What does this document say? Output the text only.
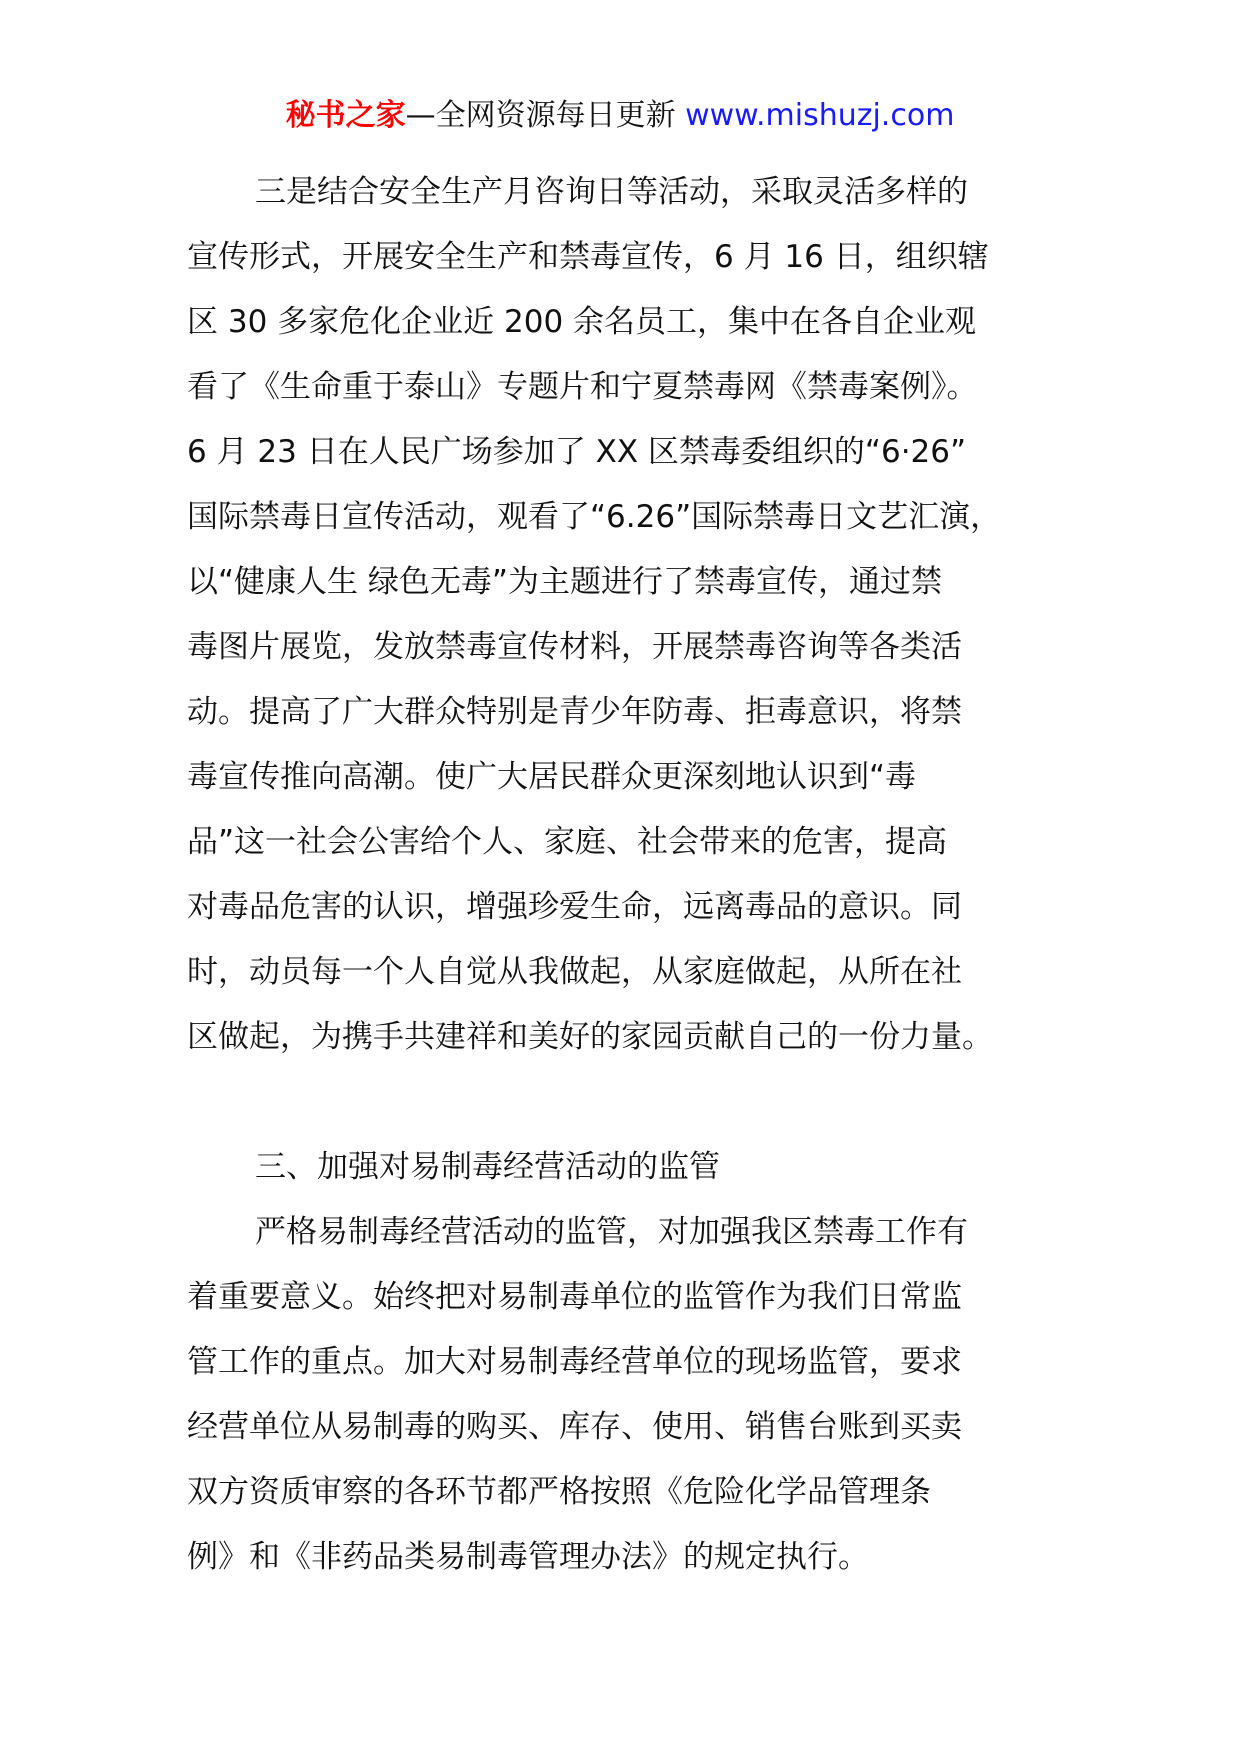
秘书之家—全网资源每日更新 www.mishuzj.com
三是结合安全生产月咨询日等活动，采取灵活多样的
宣传形式，开展安全生产和禁毒宣传，6 月 16 日，组织辖
区 30 多家危化企业近 200 余名员工，集中在各自企业观
看了《生命重于泰山》专题片和宁夏禁毒网《禁毒案例》。
6 月 23 日在人民广场参加了 XX 区禁毒委组织的“6·26”
国际禁毒日宣传活动，观看了“6.26”国际禁毒日文艺汇演，
以“健康人生 绿色无毒”为主题进行了禁毒宣传，通过禁
毒图片展览，发放禁毒宣传材料，开展禁毒咨询等各类活
动。提高了广大群众特别是青少年防毒、拒毒意识，将禁
毒宣传推向高潮。使广大居民群众更深刻地认识到“毒
品”这一社会公害给个人、家庭、社会带来的危害，提高
对毒品危害的认识，增强珍爱生命，远离毒品的意识。同
时，动员每一个人自觉从我做起，从家庭做起，从所在社
区做起，为携手共建祥和美好的家园贡献自己的一份力量。
三、加强对易制毒经营活动的监管
严格易制毒经营活动的监管，对加强我区禁毒工作有
着重要意义。始终把对易制毒单位的监管作为我们日常监
管工作的重点。加大对易制毒经营单位的现场监管，要求
经营单位从易制毒的购买、库存、使用、销售台账到买卖
双方资质审察的各环节都严格按照《危险化学品管理条
例》和《非药品类易制毒管理办法》的规定执行。
